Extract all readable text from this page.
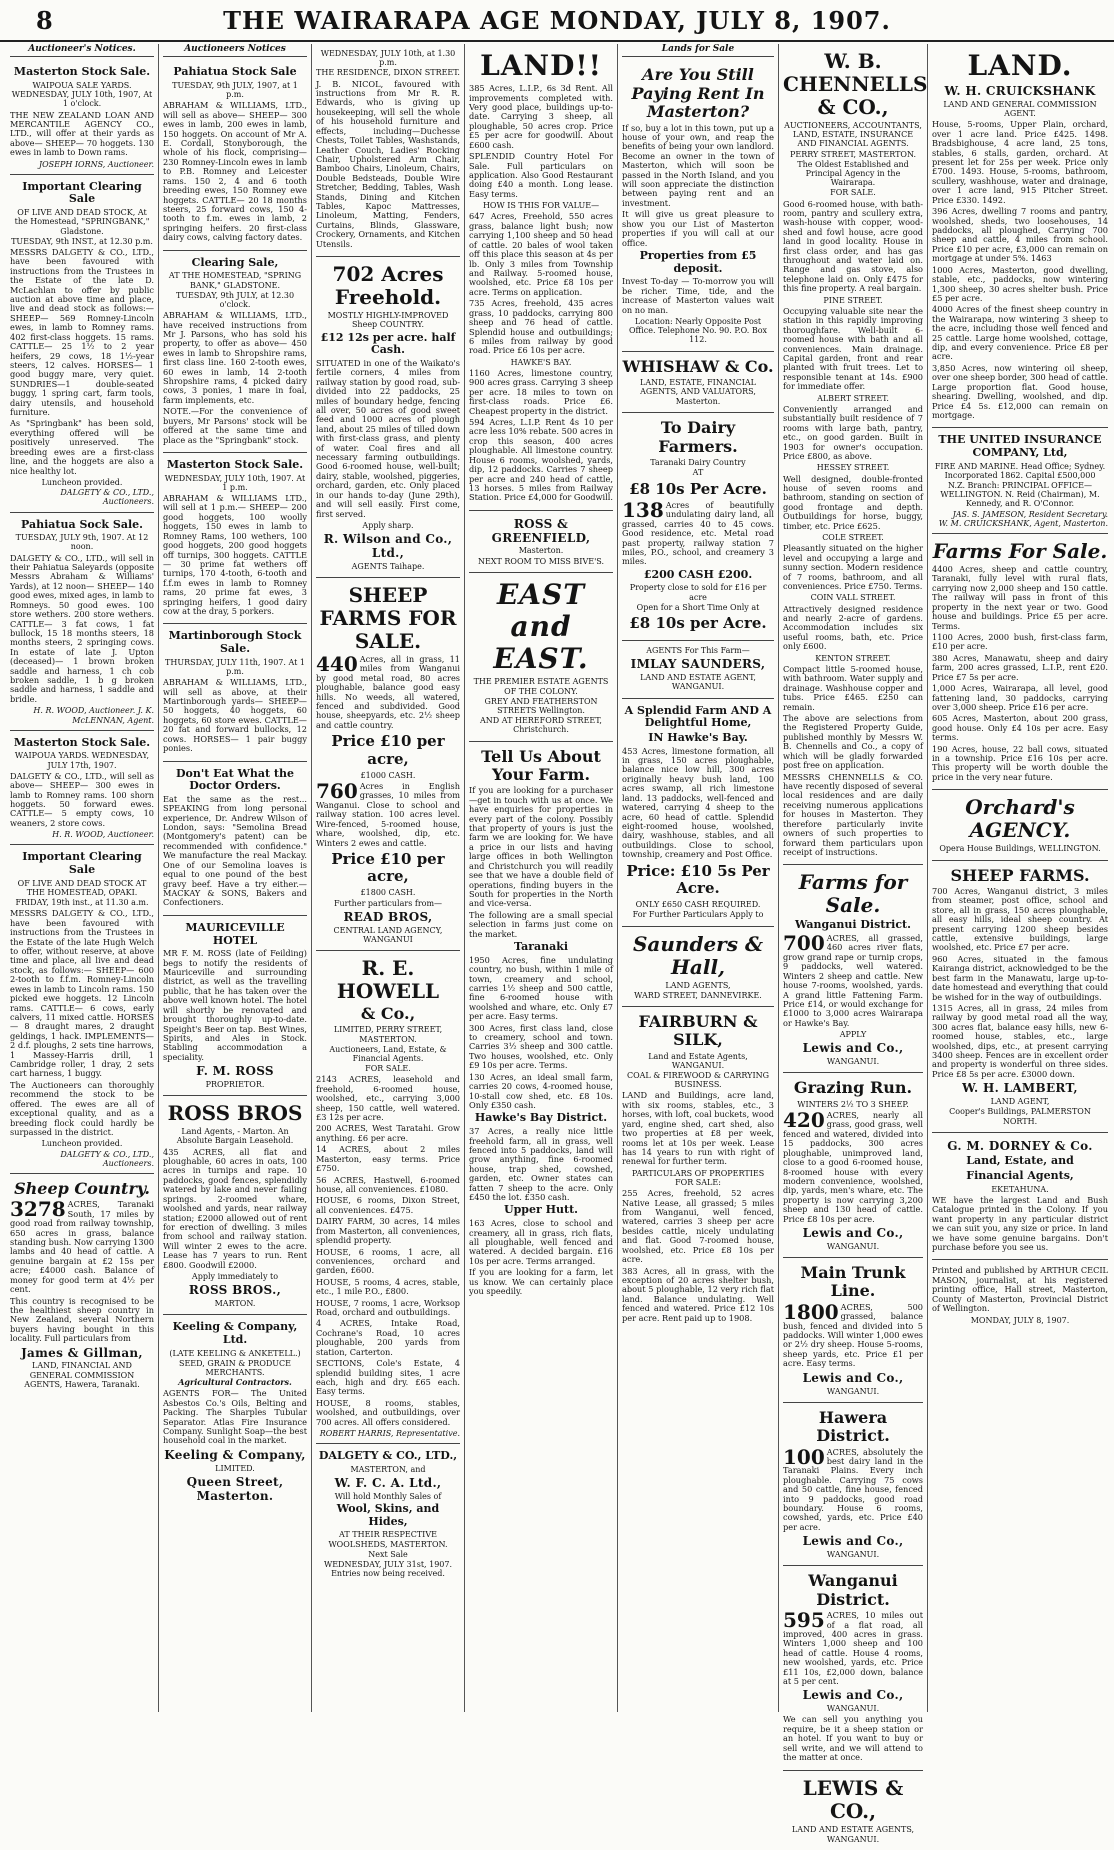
8	THE WAIRARAPA AGE MONDAY, JULY 8, 1907.
Auctioneer's Notices.
Masterton Stock Sale.
WAIPOUA SALE YARDS. WEDNESDAY, JULY 10th, 1907, At 1 o'clock.
THE NEW ZEALAND LOAN AND MERCANTILE AGENCY CO., LTD., will offer at their yards as above— SHEEP— 70 hoggets. 130 ewes in lamb to Down rams.
JOSEPH IORNS, Auctioneer.
Important Clearing Sale
OF LIVE AND DEAD STOCK, At the Homestead, "SPRINGBANK," Gladstone.
TUESDAY, 9th INST., at 12.30 p.m.
MESSRS DALGETY & CO., LTD., have been favoured with instructions from the Trustees in the Estate of the late D. McLachlan to offer by public auction at above time and place, live and dead stock as follows:— SHEEP— 569 Romney-Lincoln ewes, in lamb to Romney rams. 402 first-class hoggets. 15 rams. CATTLE— 25 1½ to 2 year heifers, 29 cows, 18 1½-year steers, 12 calves. HORSES— 1 good buggy mare, very quiet. SUNDRIES—1 double-seated buggy, 1 spring cart, farm tools, dairy utensils, and household furniture.
As "Springbank" has been sold, everything offered will be positively unreserved. The breeding ewes are a first-class line, and the hoggets are also a nice healthy lot.
Luncheon provided.
DALGETY & CO., LTD., Auctioneers.
Pahiatua Sock Sale.
TUESDAY, JULY 9th, 1907. At 12 noon.
DALGETY & CO., LTD., will sell in their Pahiatua Saleyards (opposite Messrs Abraham & Williams' Yards), at 12 noon— SHEEP— 140 good ewes, mixed ages, in lamb to Romneys. 50 good ewes. 100 store wethers. 200 store wethers. CATTLE— 3 fat cows, 1 fat bullock, 15 18 months steers, 18 months steers, 2 springing cows. In estate of late J. Upton (deceased)— 1 brown broken saddle and harness, 1 ch cob broken saddle, 1 b g broken saddle and harness, 1 saddle and bridle.
H. R. WOOD, Auctioneer. J. K. McLENNAN, Agent.
Masterton Stock Sale.
WAIPOUA YARDS. WEDNESDAY, JULY 17th, 1907.
DALGETY & CO., LTD., will sell as above— SHEEP— 300 ewes in lamb to Romney rams. 100 shorn hoggets. 50 forward ewes. CATTLE— 5 empty cows, 10 weaners, 2 store cows.
H. R. WOOD, Auctioneer.
Important Clearing Sale
OF LIVE AND DEAD STOCK AT THE HOMESTEAD, OPAKI.
FRIDAY, 19th inst., at 11.30 a.m.
MESSRS DALGETY & CO., LTD., have been favoured with instructions from the Trustees in the Estate of the late Hugh Welch to offer, without reserve, at above time and place, all live and dead stock, as follows:— SHEEP— 600 2-tooth to f.f.m. Romney-Lincoln ewes in lamb to Lincoln rams. 150 picked ewe hoggets. 12 Lincoln rams. CATTLE— 6 cows, early calvers, 11 mixed cattle. HORSES— 8 draught mares, 2 draught geldings, 1 hack. IMPLEMENTS—2 d.f. ploughs, 2 sets tine harrows, 1 Massey-Harris drill, 1 Cambridge roller, 1 dray, 2 sets cart harness, 1 buggy.
The Auctioneers can thoroughly recommend the stock to be offered. The ewes are all of exceptional quality, and as a breeding flock could hardly be surpassed in the district.
Luncheon provided.
DALGETY & CO., LTD., Auctioneers.
Sheep Country.
3278 ACRES, Taranaki South, 17 miles by good road from railway township, 650 acres in grass, balance standing bush. Now carrying 1300 lambs and 40 head of cattle. A genuine bargain at £2 15s per acre; £4000 cash. Balance of money for good term at 4½ per cent.
This country is recognised to be the healthiest sheep country in New Zealand, several Northern buyers having bought in this locality. Full particulars from
James & Gillman,
LAND, FINANCIAL AND GENERAL COMMISSION AGENTS, Hawera, Taranaki.
Auctioneers Notices
Pahiatua Stock Sale
TUESDAY, 9th JULY, 1907, at 1 p.m.
ABRAHAM & WILLIAMS, LTD., will sell as above— SHEEP— 300 ewes in lamb, 200 ewes in lamb, 150 hoggets. On account of Mr A. E. Cordall, Stonyborough, the whole of his flock, comprising— 230 Romney-Lincoln ewes in lamb to P.B. Romney and Leicester rams. 150 2, 4 and 6 tooth breeding ewes, 150 Romney ewe hoggets. CATTLE— 20 18 months steers, 25 forward cows, 150 4-tooth to f.m. ewes in lamb, 2 springing heifers. 20 first-class dairy cows, calving factory dates.
Clearing Sale,
AT THE HOMESTEAD, "SPRING BANK," GLADSTONE.
TUESDAY, 9th JULY, at 12.30 o'clock.
ABRAHAM & WILLIAMS, LTD., have received instructions from Mr J. Parsons, who has sold his property, to offer as above— 450 ewes in lamb to Shropshire rams, first class line. 160 2-tooth ewes, 60 ewes in lamb, 14 2-tooth Shropshire rams, 4 picked dairy cows, 3 ponies, 1 mare in foal, farm implements, etc.
NOTE.—For the convenience of buyers, Mr Parsons' stock will be offered at the same time and place as the "Springbank" stock.
Masterton Stock Sale.
WEDNESDAY, JULY 10th, 1907. At 1 p.m.
ABRAHAM & WILLIAMS LTD., will sell at 1 p.m.— SHEEP— 200 good hoggets, 100 woolly hoggets, 150 ewes in lamb to Romney Rams, 100 wethers, 100 good hoggets, 200 good hoggets off turnips, 300 hoggets. CATTLE— 30 prime fat wethers off turnips, 170 4-tooth, 6-tooth and f.f.m ewes in lamb to Romney rams, 20 prime fat ewes, 3 springing heifers, 1 good dairy cow at the dray, 5 porkers.
Martinborough Stock Sale.
THURSDAY, JULY 11th, 1907. At 1 p.m.
ABRAHAM & WILLIAMS, LTD., will sell as above, at their Martinborough yards— SHEEP— 50 hoggets, 40 hoggets, 60 hoggets, 60 store ewes. CATTLE— 20 fat and forward bullocks, 12 cows. HORSES— 1 pair buggy ponies.
Don't Eat What the Doctor Orders.
Eat the same as the rest... SPEAKING from long personal experience, Dr. Andrew Wilson of London, says: "Semolina Bread (Montgomery's patent) can be recommended with confidence." We manufacture the real Mackay. One of our Semolina loaves is equal to one pound of the best gravy beef. Have a try either.—MACKAY & SONS, Bakers and Confectioners.
MAURICEVILLE HOTEL
MR F. M. ROSS (late of Feilding) begs to notify the residents of Mauriceville and surrounding district, as well as the travelling public, that he has taken over the above well known hotel. The hotel will shortly be renovated and brought thoroughly up-to-date. Speight's Beer on tap. Best Wines, Spirits, and Ales in Stock. Stabling accommodation a speciality.
F. M. ROSS
PROPRIETOR.
ROSS BROS
Land Agents, - Marton. An Absolute Bargain Leasehold.
435 ACRES, all flat and ploughable, 60 acres in oats, 100 acres in turnips and rape. 10 paddocks, good fences, splendidly watered by lake and never failing springs. 2-roomed whare, woolshed and yards, near railway station; £2000 allowed out of rent for erection of dwelling. 3 miles from school and railway station. Will winter 2 ewes to the acre. Lease has 7 years to run. Rent £800. Goodwill £2000.
Apply immediately to
ROSS BROS.,
MARTON.
Keeling & Company, Ltd.
(LATE KEELING & ANKETELL.)
SEED, GRAIN & PRODUCE MERCHANTS.
Agricultural Contractors.
AGENTS FOR— The United Asbestos Co.'s Oils, Belting and Packing. The Sharples Tubular Separator. Atlas Fire Insurance Company. Sunlight Soap—the best household coal in the market.
Keeling & Company,
LIMITED.
Queen Street, Masterton.
WEDNESDAY, JULY 10th, at 1.30 p.m.
THE RESIDENCE, DIXON STREET.
J. B. NICOL, favoured with instructions from Mr R. R. Edwards, who is giving up housekeeping, will sell the whole of his household furniture and effects, including—Duchesse Chests, Toilet Tables, Washstands, Leather Couch, Ladies' Rocking Chair, Upholstered Arm Chair, Bamboo Chairs, Linoleum, Chairs, Double Bedsteads, Double Wire Stretcher, Bedding, Tables, Wash Stands, Dining and Kitchen Tables, Kapoc Mattresses, Linoleum, Matting, Fenders, Curtains, Blinds, Glassware, Crockery, Ornaments, and Kitchen Utensils.
702 Acres Freehold.
MOSTLY HIGHLY-IMPROVED Sheep COUNTRY.
£12 12s per acre. half Cash.
SITUATED in one of the Waikato's fertile corners, 4 miles from railway station by good road, sub-divided into 22 paddocks, 25 miles of boundary hedge, fencing all over, 50 acres of good sweet feed and 1000 acres of plough land, about 25 miles of tilled down with first-class grass, and plenty of water. Coal fires and all necessary farming outbuildings. Good 6-roomed house, well-built; dairy, stable, woolshed, piggeries, orchard, garden, etc. Only placed in our hands to-day (June 29th), and will sell easily. First come, first served.
Apply sharp.
R. Wilson and Co., Ltd.,
AGENTS Taihape.
SHEEP FARMS FOR SALE.
440 Acres, all in grass, 11 miles from Wanganui by good metal road, 80 acres ploughable, balance good easy hills. No weeds, all watered, fenced and subdivided. Good house, sheepyards, etc. 2½ sheep and cattle country.
Price £10 per acre,
£1000 CASH.
760 Acres in English grasses, 10 miles from Wanganui. Close to school and railway station. 100 acres level. Wire-fenced, 5-roomed house, whare, woolshed, dip, etc. Winters 2 ewes and cattle.
Price £10 per acre,
£1800 CASH.
Further particulars from—
READ BROS,
CENTRAL LAND AGENCY, WANGANUI
R. E. HOWELL
& Co.,
LIMITED, PERRY STREET, MASTERTON.
Auctioneers, Land, Estate, & Financial Agents.
FOR SALE.
2143 ACRES, leasehold and freehold, 6-roomed house, woolshed, etc., carrying 3,000 sheep, 150 cattle, well watered. £3 12s per acre.
200 ACRES, West Taratahi. Grow anything. £6 per acre.
14 ACRES, about 2 miles Masterton, easy terms. Price £750.
56 ACRES, Hastwell, 6-roomed house, all conveniences. £1080.
HOUSE, 6 rooms, Dixon Street, all conveniences. £475.
DAIRY FARM, 30 acres, 14 miles from Masterton, all conveniences, splendid property.
HOUSE, 6 rooms, 1 acre, all conveniences, orchard and garden, £600.
HOUSE, 5 rooms, 4 acres, stable, etc., 1 mile P.O., £800.
HOUSE, 7 rooms, 1 acre, Worksop Road, orchard and outbuildings.
4 ACRES, Intake Road, Cochrane's Road, 10 acres ploughable, 200 yards from station, Carterton.
SECTIONS, Cole's Estate, 4 splendid building sites, 1 acre each, high and dry. £65 each. Easy terms.
HOUSE, 8 rooms, stables, woolshed, and outbuildings, over 700 acres. All offers considered.
ROBERT HARRIS, Representative.
DALGETY & CO., LTD.,
MASTERTON, and
W. F. C. A. Ltd.,
Will hold Monthly Sales of
Wool, Skins, and Hides,
AT THEIR RESPECTIVE WOOLSHEDS, MASTERTON.
Next Sale
WEDNESDAY, JULY 31st, 1907. Entries now being received.
LAND!!
385 Acres, L.I.P., 6s 3d Rent. All improvements completed with. Very good place, buildings up-to-date. Carrying 3 sheep, all ploughable, 50 acres crop. Price £5 per acre for goodwill. About £600 cash.
SPLENDID Country Hotel For Sale. Full particulars on application. Also Good Restaurant doing £40 a month. Long lease. Easy terms.
HOW IS THIS FOR VALUE—
647 Acres, Freehold, 550 acres grass, balance light bush; now carrying 1,100 sheep and 50 head of cattle. 20 bales of wool taken off this place this season at 4s per lb. Only 3 miles from Township and Railway. 5-roomed house, woolshed, etc. Price £8 10s per acre. Terms on application.
735 Acres, freehold, 435 acres grass, 10 paddocks, carrying 800 sheep and 76 head of cattle. Splendid house and outbuildings; 6 miles from railway by good road. Price £6 10s per acre.
HAWKE'S BAY.
1160 Acres, limestone country, 900 acres grass. Carrying 3 sheep per acre. 18 miles to town on first-class roads. Price £6. Cheapest property in the district.
594 Acres, L.I.P. Rent 4s 10 per acre less 10% rebate. 500 acres in crop this season, 400 acres ploughable. All limestone country. House 6 rooms, woolshed, yards, dip, 12 paddocks. Carries 7 sheep per acre and 240 head of cattle, 13 horses. 5 miles from Railway Station. Price £4,000 for Goodwill.
ROSS & GREENFIELD,
Masterton.
NEXT ROOM TO MISS BIVE'S.
EAST and EAST.
THE PREMIER ESTATE AGENTS OF THE COLONY.
GREY AND FEATHERSTON STREETS Wellington.
AND AT HEREFORD STREET, Christchurch.
Tell Us About Your Farm.
If you are looking for a purchaser—get in touch with us at once. We have enquiries for properties in every part of the colony. Possibly that property of yours is just the farm we are looking for. We have a price in our lists and having large offices in both Wellington and Christchurch you will readily see that we have a double field of operations, finding buyers in the South for properties in the North and vice-versa.
The following are a small special selection in farms just come on the market.
Taranaki
1950 Acres, fine undulating country, no bush, within 1 mile of town, creamery and school, carries 1½ sheep and 500 cattle, fine 6-roomed house with woolshed and whare, etc. Only £7 per acre. Easy terms.
300 Acres, first class land, close to creamery, school and town. Carries 3½ sheep and 300 cattle. Two houses, woolshed, etc. Only £9 10s per acre. Terms.
130 Acres, an ideal small farm, carries 20 cows, 4-roomed house, 10-stall cow shed, etc. £8 10s. Only £350 cash.
Hawke's Bay District.
37 Acres, a really nice little freehold farm, all in grass, well fenced into 5 paddocks, land will grow anything, fine 6-roomed house, trap shed, cowshed, garden, etc. Owner states can fatten 7 sheep to the acre. Only £450 the lot. £350 cash.
Upper Hutt.
163 Acres, close to school and creamery, all in grass, rich flats, all ploughable, well fenced and watered. A decided bargain. £16 10s per acre. Terms arranged.
If you are looking for a farm, let us know. We can certainly place you speedily.
Lands for Sale
Are You Still Paying Rent In Masterton?
If so, buy a lot in this town, put up a house of your own, and reap the benefits of being your own landlord. Become an owner in the town of Masterton, which will soon be passed in the North Island, and you will soon appreciate the distinction between paying rent and an investment.
It will give us great pleasure to show you our List of Masterton properties if you will call at our office.
Properties from £5 deposit.
Invest To-day — To-morrow you will be richer. Time, tide, and the increase of Masterton values wait on no man.
Location: Nearly Opposite Post Office. Telephone No. 90. P.O. Box 112.
WHISHAW & Co.
LAND, ESTATE, FINANCIAL AGENTS, AND VALUATORS,
Masterton.
To Dairy Farmers.
Taranaki Dairy Country
AT
£8 10s Per Acre.
138 Acres of beautifully undulating dairy land, all grassed, carries 40 to 45 cows. Good residence, etc. Metal road past property, railway station 7 miles, P.O., school, and creamery 3 miles.
£200 CASH £200.
Property close to sold for £16 per acre
Open for a Short Time Only at
£8 10s per Acre.
AGENTS For This Farm—
IMLAY SAUNDERS,
LAND AND ESTATE AGENT, WANGANUI.
A Splendid Farm AND A Delightful Home,
IN Hawke's Bay.
453 Acres, limestone formation, all in grass, 150 acres ploughable, balance nice low hill, 300 acres originally heavy bush land, 100 acres swamp, all rich limestone land. 13 paddocks, well-fenced and watered, carrying 4 sheep to the acre, 60 head of cattle. Splendid eight-roomed house, woolshed, dairy, washhouse, stables, and all outbuildings. Close to school, township, creamery and Post Office.
Price: £10 5s Per Acre.
ONLY £650 CASH REQUIRED.
For Further Particulars Apply to
Saunders & Hall,
LAND AGENTS,
WARD STREET, DANNEVIRKE.
FAIRBURN & SILK,
Land and Estate Agents, WANGANUI.
COAL & FIREWOOD & CARRYING BUSINESS.
LAND and Buildings, acre land, with six rooms, stables, etc., 3 horses, with loft, coal buckets, wood yard, engine shed, cart shed, also two properties at £8 per week, rooms let at 10s per week. Lease has 14 years to run with right of renewal for further term.
PARTICULARS OF PROPERTIES FOR SALE:
255 Acres, freehold, 52 acres Native Lease, all grassed; 5 miles from Wanganui, well fenced, watered, carries 3 sheep per acre besides cattle, nicely undulating and flat. Good 7-roomed house, woolshed, etc. Price £8 10s per acre.
383 Acres, all in grass, with the exception of 20 acres shelter bush, about 5 ploughable, 12 very rich flat land. Balance undulating. Well fenced and watered. Price £12 10s per acre. Rent paid up to 1908.
W. B. CHENNELLS & CO.,
AUCTIONEERS, ACCOUNTANTS, LAND, ESTATE, INSURANCE AND FINANCIAL AGENTS.
PERRY STREET, MASTERTON.
The Oldest Established and Principal Agency in the Wairarapa.
FOR SALE.
Good 6-roomed house, with bath-room, pantry and scullery extra, wash-house with copper, wood-shed and fowl house, acre good land in good locality. House in first class order, and has gas throughout and water laid on. Range and gas stove, also telephone laid on. Only £475 for this fine property. A real bargain.
PINE STREET.
Occupying valuable site near the station in this rapidly improving thoroughfare. Well-built 6-roomed house with bath and all conveniences. Main drainage. Capital garden, front and rear planted with fruit trees. Let to responsible tenant at 14s. £900 for immediate offer.
ALBERT STREET.
Conveniently arranged and substantially built residence of 7 rooms with large bath, pantry, etc., on good garden. Built in 1903 for owner's occupation. Price £800, as above.
HESSEY STREET.
Well designed, double-fronted house of seven rooms and bathroom, standing on section of good frontage and depth. Outbuildings for horse, buggy, timber, etc. Price £625.
COLE STREET.
Pleasantly situated on the higher level and occupying a large and sunny section. Modern residence of 7 rooms, bathroom, and all conveniences. Price £750. Terms.
COIN VALL STREET.
Attractively designed residence and nearly 2-acre of gardens. Accommodation includes six useful rooms, bath, etc. Price only £600.
KENTON STREET.
Compact little 5-roomed house, with bathroom. Water supply and drainage. Washhouse copper and tubs. Price £465. £250 can remain.
The above are selections from the Registered Property Guide, published monthly by Messrs W. B. Chennells and Co., a copy of which will be gladly forwarded post free on application.
MESSRS CHENNELLS & CO. have recently disposed of several local residences and are daily receiving numerous applications for houses in Masterton. They therefore particularly invite owners of such properties to forward them particulars upon receipt of instructions.
Farms for Sale.
Wanganui District.
700 ACRES, all grassed, 460 acres river flats, grow grand rape or turnip crops, 9 paddocks, well watered. Winters 2 sheep and cattle. New house 7-rooms, woolshed, yards. A grand little Fattening Farm. Price £14, or would exchange for £1000 to 3,000 acres Wairarapa or Hawke's Bay.
APPLY
Lewis and Co.,
WANGANUI.
Grazing Run.
WINTERS 2½ TO 3 SHEEP.
420 ACRES, nearly all grass, good grass, well fenced and watered, divided into 15 paddocks, 300 acres ploughable, unimproved land, close to a good 6-roomed house, 8-roomed house with every modern convenience, woolshed, dip, yards, men's whare, etc. The property is now carrying 3,200 sheep and 130 head of cattle. Price £8 10s per acre.
Lewis and Co.,
WANGANUI.
Main Trunk Line.
1800 ACRES, 500 grassed, balance bush, fenced and divided into 5 paddocks. Will winter 1,000 ewes or 2½ dry sheep. House 5-rooms, sheep yards, etc. Price £1 per acre. Easy terms.
Lewis and Co.,
WANGANUI.
Hawera District.
100 ACRES, absolutely the best dairy land in the Taranaki Plains. Every inch ploughable. Carrying 75 cows and 50 cattle, fine house, fenced into 9 paddocks, good road boundary. House 6 rooms, cowshed, yards, etc. Price £40 per acre.
Lewis and Co.,
WANGANUI.
Wanganui District.
595 ACRES, 10 miles out of a flat road, all improved, 400 acres in grass. Winters 1,000 sheep and 100 head of cattle. House 4 rooms, new woolshed, yards, etc. Price £11 10s, £2,000 down, balance at 5 per cent.
Lewis and Co.,
WANGANUI.
We can sell you anything you require, be it a sheep station or an hotel. If you want to buy or sell write, and we will attend to the matter at once.
LEWIS & CO.,
LAND AND ESTATE AGENTS,
WANGANUI.
LAND.
W. H. CRUICKSHANK
LAND AND GENERAL COMMISSION AGENT.
House, 5-rooms, Upper Plain, orchard, over 1 acre land. Price £425. 1498. Bradsbighouse, 4 acre land, 25 tons, stables, 6 stalls, garden, orchard. At present let for 25s per week. Price only £700. 1493. House, 5-rooms, bathroom, scullery, washhouse, water and drainage, over 1 acre land, 915 Pitcher Street. Price £330. 1492.
396 Acres, dwelling 7 rooms and pantry, woolshed, sheds, two loosehouses, 14 paddocks, all ploughed, Carrying 700 sheep and cattle, 4 miles from school. Price £10 per acre, £3,000 can remain on mortgage at under 5%. 1463
1000 Acres, Masterton, good dwelling, stable, etc., paddocks, now wintering 1,300 sheep, 30 acres shelter bush. Price £5 per acre.
4000 Acres of the finest sheep country in the Wairarapa, now wintering 3 sheep to the acre, including those well fenced and 25 cattle. Large home woolshed, cottage, dip, and every convenience. Price £8 per acre.
3,850 Acres, now wintering oil sheep, over one sheep border, 300 head of cattle. Large proportion flat. Good house, shearing. Dwelling, woolshed, and dip. Price £4 5s. £12,000 can remain on mortgage.
THE UNITED INSURANCE COMPANY, Ltd,
FIRE AND MARINE. Head Office; Sydney. Incorporated 1862. Capital £500,000
N.Z. Branch: PRINCIPAL OFFICE—WELLINGTON. N. Reid (Chairman), M. Kennedy, and R. O'Connor.
JAS. S. JAMESON, Resident Secretary.
W. M. CRUICKSHANK, Agent, Masterton.
Farms For Sale.
4400 Acres, sheep and cattle country, Taranaki, fully level with rural flats, carrying now 2,000 sheep and 150 cattle. The railway will pass in front of this property in the next year or two. Good house and buildings. Price £5 per acre. Terms.
1100 Acres, 2000 bush, first-class farm, £10 per acre.
380 Acres, Manawatu, sheep and dairy farm, 200 acres grassed, L.I.P., rent £20. Price £7 5s per acre.
1,000 Acres, Wairarapa, all level, good fattening land, 30 paddocks, carrying over 3,000 sheep. Price £16 per acre.
605 Acres, Masterton, about 200 grass, good house. Only £4 10s per acre. Easy terms.
190 Acres, house, 22 ball cows, situated in a township. Price £16 10s per acre. This property will be worth double the price in the very near future.
Orchard's AGENCY.
Opera House Buildings, WELLINGTON.
SHEEP FARMS.
700 Acres, Wanganui district, 3 miles from steamer, post office, school and store, all in grass, 150 acres ploughable, all easy hills, ideal sheep country. At present carrying 1200 sheep besides cattle, extensive buildings, large woolshed, etc. Price £7 per acre.
960 Acres, situated in the famous Kairanga district, acknowledged to be the best farm in the Manawatu, large up-to-date homestead and everything that could be wished for in the way of outbuildings.
1315 Acres, all in grass, 24 miles from railway by good metal road all the way, 300 acres flat, balance easy hills, new 6-roomed house, stables, etc., large woolshed, dips, etc., at present carrying 3400 sheep. Fences are in excellent order and property is wonderful on three sides. Price £8 5s per acre. £3000 down.
W. H. LAMBERT,
LAND AGENT,
Cooper's Buildings, PALMERSTON NORTH.
G. M. DORNEY & Co.
Land, Estate, and
Financial Agents,
EKETAHUNA.
WE have the largest Land and Bush Catalogue printed in the Colony. If you want property in any particular district we can suit you, any size or price. In land we have some genuine bargains. Don't purchase before you see us.
Printed and published by ARTHUR CECIL MASON, journalist, at his registered printing office, Hall street, Masterton, County of Masterton, Provincial District of Wellington.
MONDAY, JULY 8, 1907.
